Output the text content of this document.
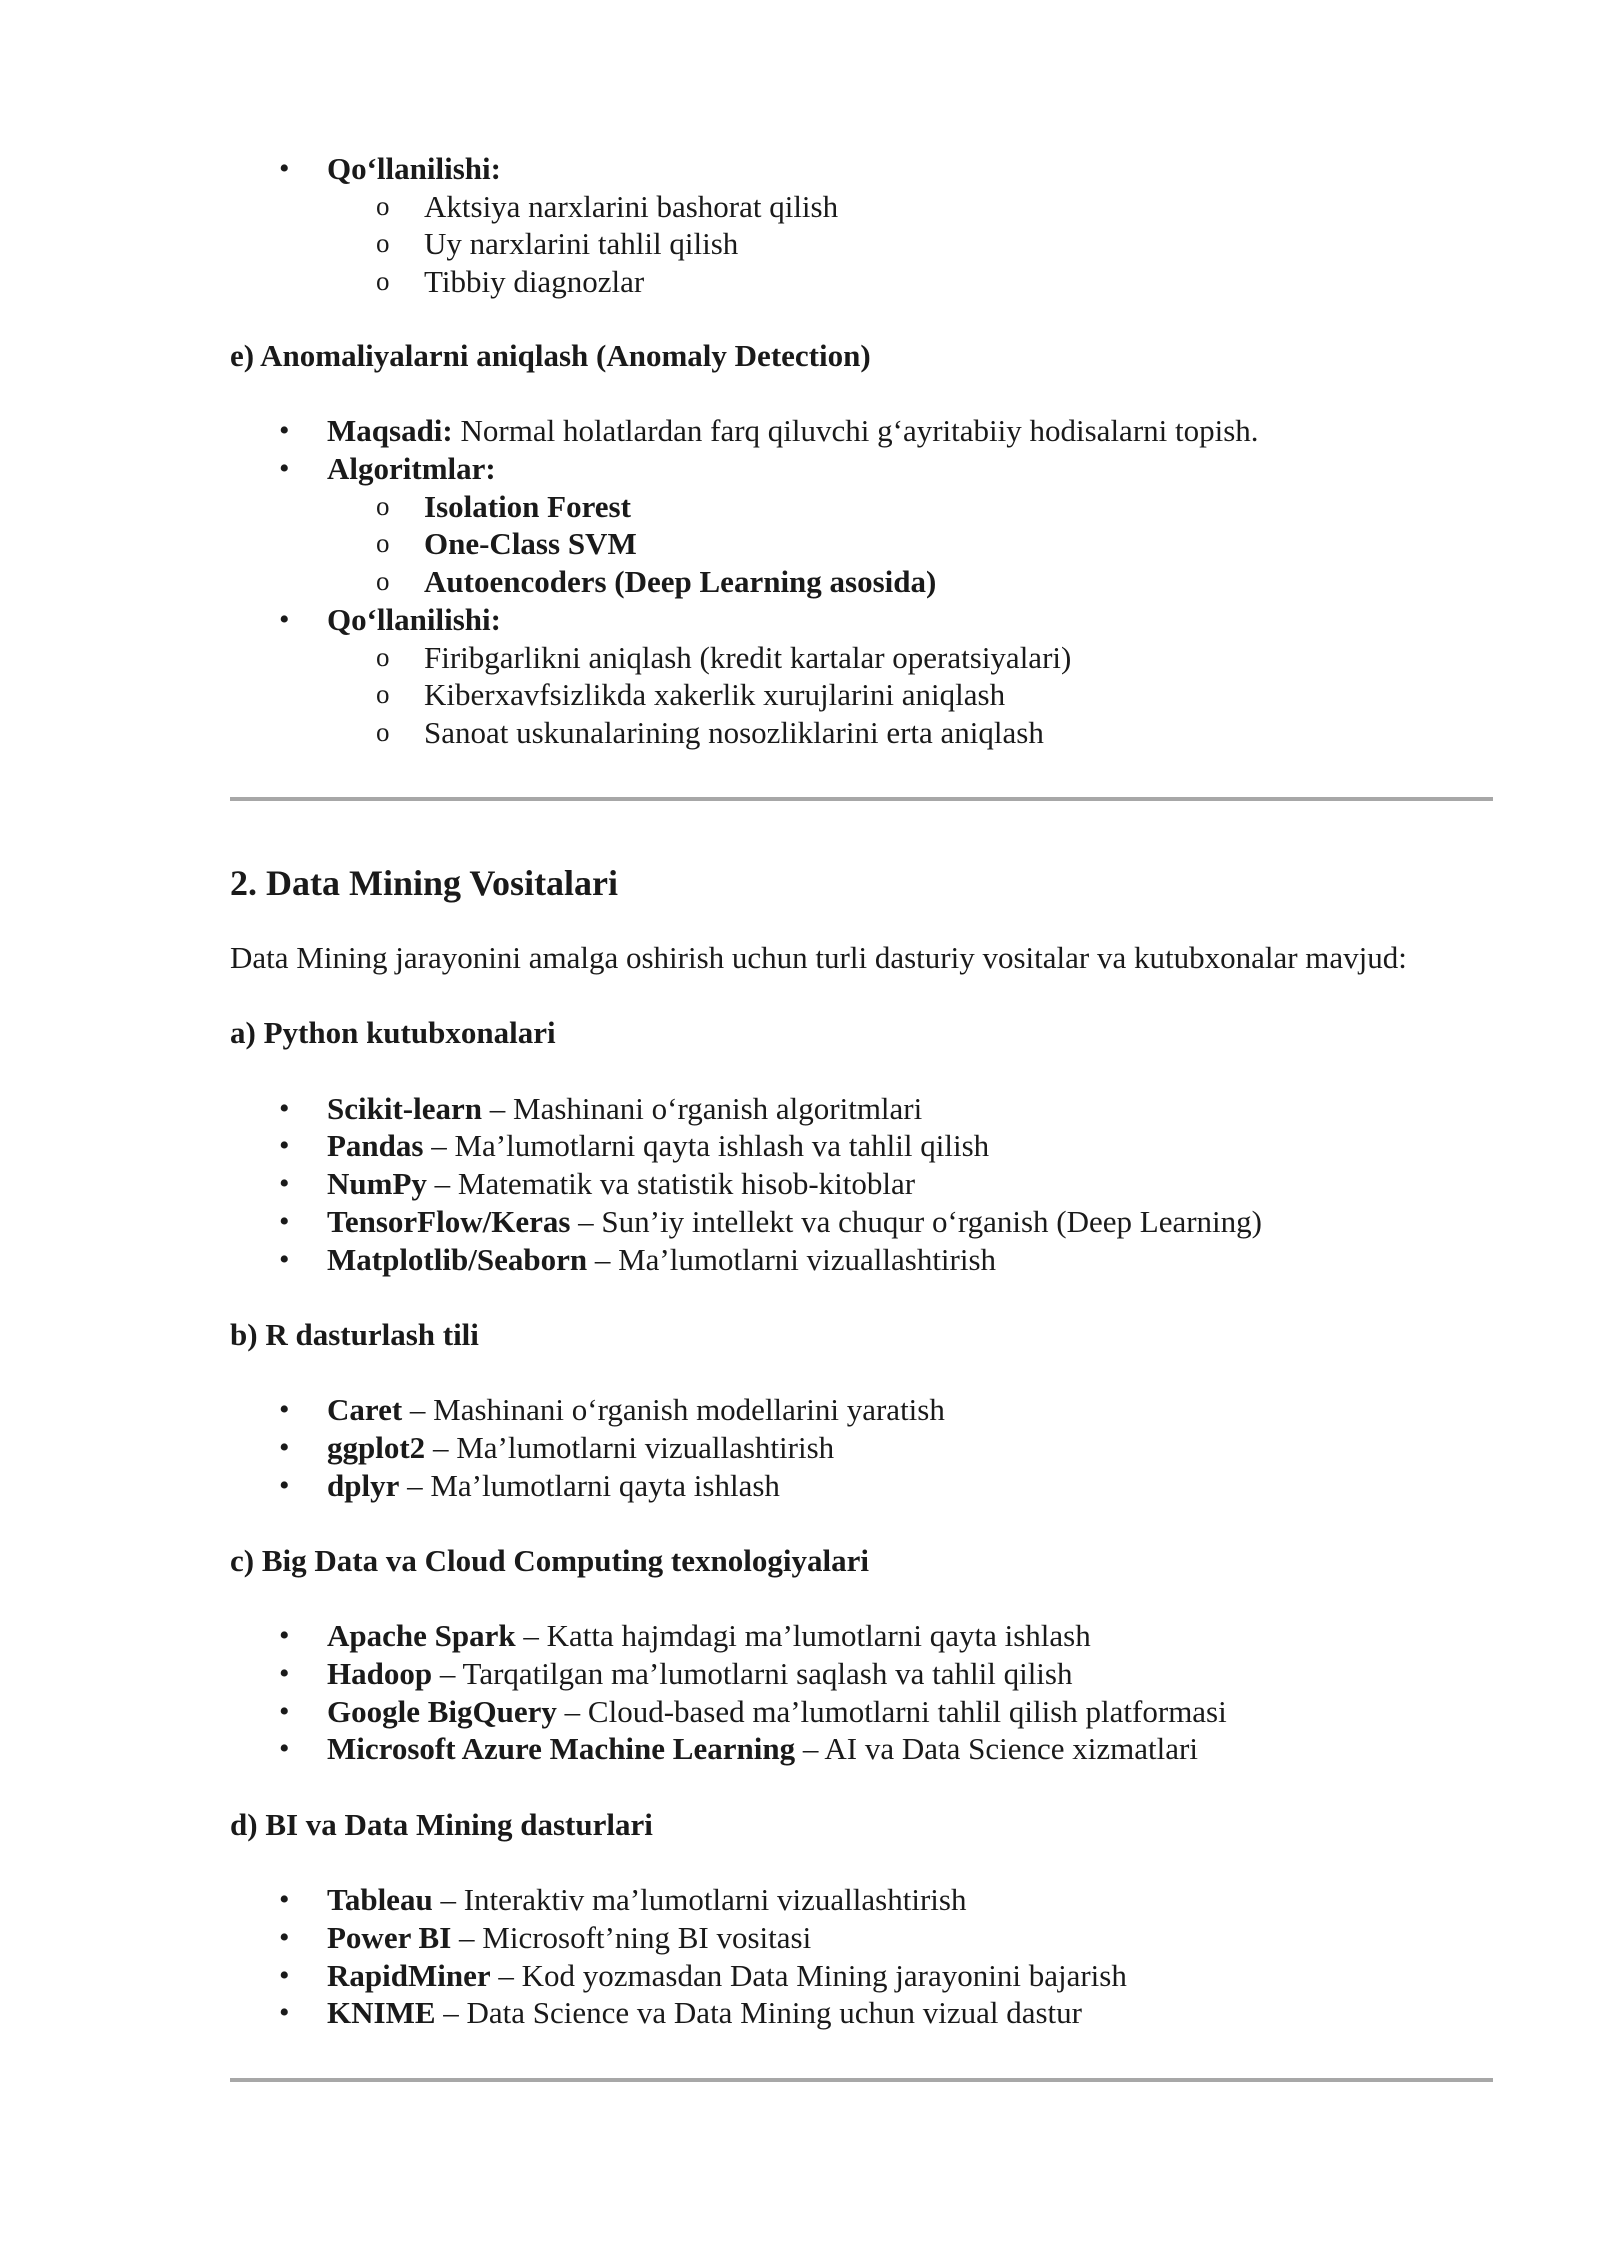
• Qo‘llanilishi:
o Aktsiya narxlarini bashorat qilish
o Uy narxlarini tahlil qilish
o Tibbiy diagnozlar
e) Anomaliyalarni aniqlash (Anomaly Detection)
• Maqsadi: Normal holatlardan farq qiluvchi g‘ayritabiiy hodisalarni topish.
• Algoritmlar:
o Isolation Forest
o One-Class SVM
o Autoencoders (Deep Learning asosida)
• Qo‘llanilishi:
o Firibgarlikni aniqlash (kredit kartalar operatsiyalari)
o Kiberxavfsizlikda xakerlik xurujlarini aniqlash
o Sanoat uskunalarining nosozliklarini erta aniqlash
2. Data Mining Vositalari
Data Mining jarayonini amalga oshirish uchun turli dasturiy vositalar va kutubxonalar mavjud:
a) Python kutubxonalari
• Scikit-learn – Mashinani o‘rganish algoritmlari
• Pandas – Ma’lumotlarni qayta ishlash va tahlil qilish
• NumPy – Matematik va statistik hisob-kitoblar
• TensorFlow/Keras – Sun’iy intellekt va chuqur o‘rganish (Deep Learning)
• Matplotlib/Seaborn – Ma’lumotlarni vizuallashtirish
b) R dasturlash tili
• Caret – Mashinani o‘rganish modellarini yaratish
• ggplot2 – Ma’lumotlarni vizuallashtirish
• dplyr – Ma’lumotlarni qayta ishlash
c) Big Data va Cloud Computing texnologiyalari
• Apache Spark – Katta hajmdagi ma’lumotlarni qayta ishlash
• Hadoop – Tarqatilgan ma’lumotlarni saqlash va tahlil qilish
• Google BigQuery – Cloud-based ma’lumotlarni tahlil qilish platformasi
• Microsoft Azure Machine Learning – AI va Data Science xizmatlari
d) BI va Data Mining dasturlari
• Tableau – Interaktiv ma’lumotlarni vizuallashtirish
• Power BI – Microsoft’ning BI vositasi
• RapidMiner – Kod yozmasdan Data Mining jarayonini bajarish
• KNIME – Data Science va Data Mining uchun vizual dastur
